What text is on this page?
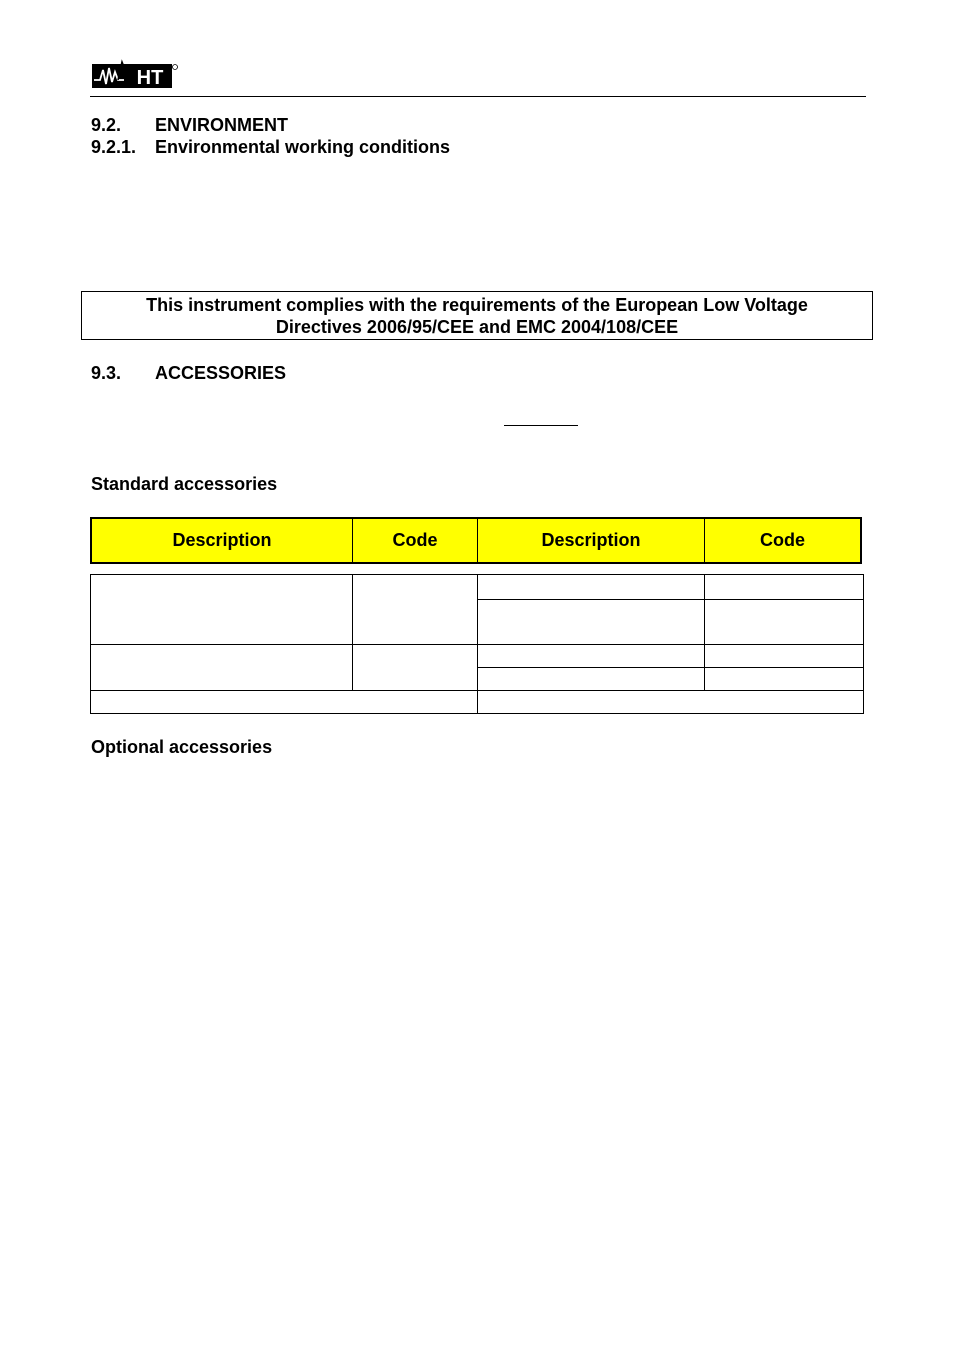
HT
9.2. ENVIRONMENT
9.2.1. Environmental working conditions
This instrument complies with the requirements of the European Low Voltage
Directives 2006/95/CEE and EMC 2004/108/CEE
9.3. ACCESSORIES
Standard accessories
Description	Code	Description	Code
Optional accessories
